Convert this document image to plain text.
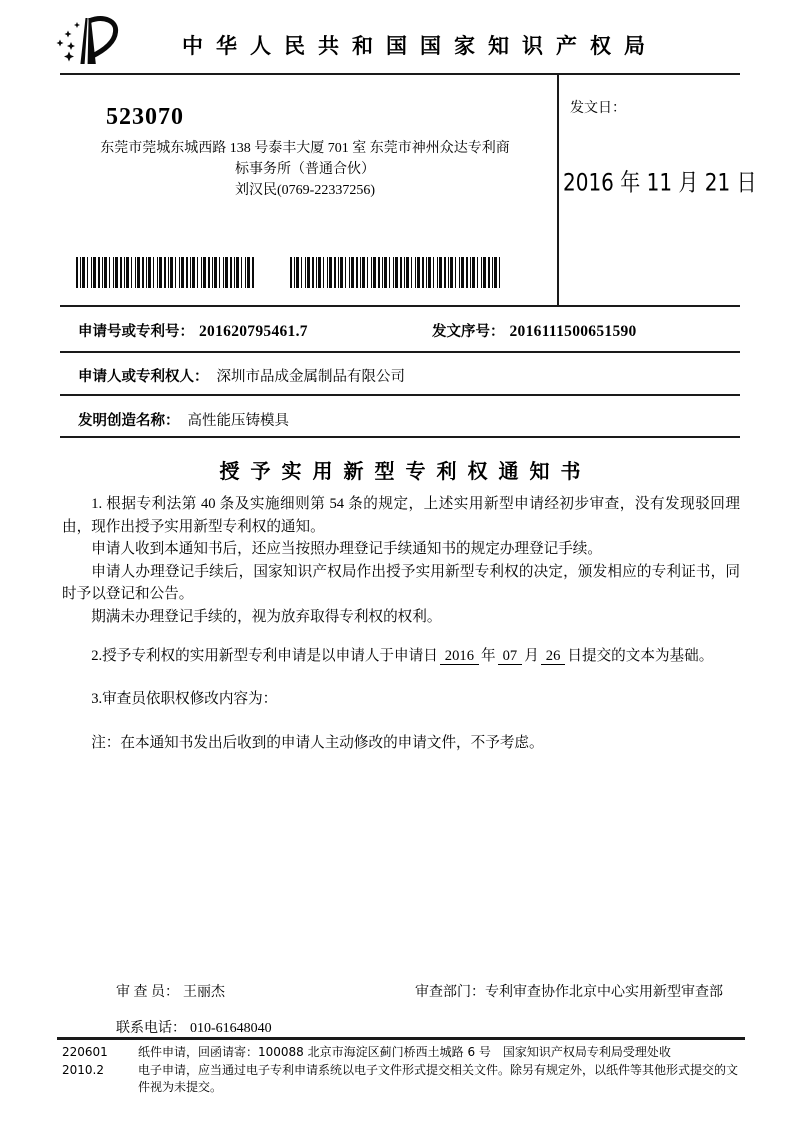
中华人民共和国国家知识产权局
523070
东莞市莞城东城西路 138 号泰丰大厦 701 室 东莞市神州众达专利商
标事务所（普通合伙）
刘汉民(0769-22337256)
发文日：
2016 年 11 月 21 日
申请号或专利号： 201620795461.7	发文序号： 2016111500651590
申请人或专利权人： 深圳市品成金属制品有限公司
发明创造名称： 高性能压铸模具
授予实用新型专利权通知书

1. 根据专利法第 40 条及实施细则第 54 条的规定，上述实用新型申请经初步审查，没有发现驳回理由，现作出授予实用新型专利权的通知。

申请人收到本通知书后，还应当按照办理登记手续通知书的规定办理登记手续。

申请人办理登记手续后，国家知识产权局作出授予实用新型专利权的决定，颁发相应的专利证书，同时予以登记和公告。

期满未办理登记手续的，视为放弃取得专利权的权利。

2.授予专利权的实用新型专利申请是以申请人于申请日 2016 年 07 月 26 日提交的文本为基础。

3.审查员依职权修改内容为：

注：在本通知书发出后收到的申请人主动修改的申请文件，不予考虑。

审 查 员： 王丽杰	审查部门：专利审查协作北京中心实用新型审查部
联系电话： 010-61648040
220601
2010.2
纸件申请，回函请寄：100088 北京市海淀区蓟门桥西土城路 6 号　国家知识产权局专利局受理处收
电子申请，应当通过电子专利申请系统以电子文件形式提交相关文件。除另有规定外，以纸件等其他形式提交的文件视为未提交。
